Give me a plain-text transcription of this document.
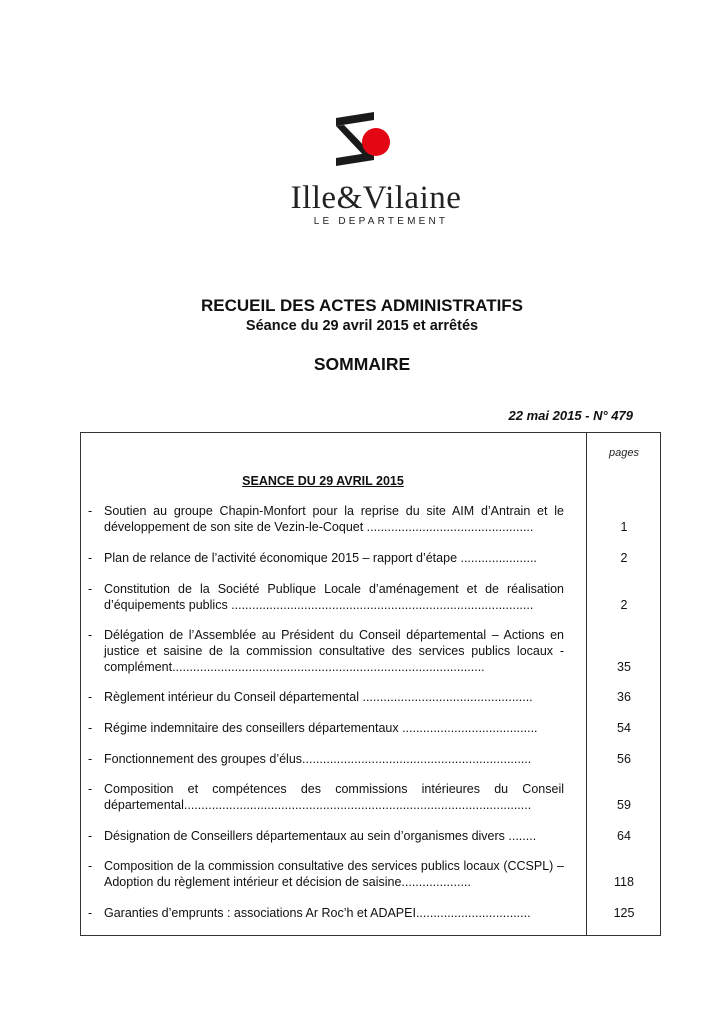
Ille&Vilaine
LE DEPARTEMENT
RECUEIL DES ACTES ADMINISTRATIFS
Séance du 29 avril 2015 et arrêtés
SOMMAIRE
22 mai 2015 - N° 479
pages
SEANCE DU 29 AVRIL 2015
- Soutien au groupe Chapin-Monfort pour la reprise du site AIM d’Antrain et le développement de son site de Vezin-le-Coquet ................................................	1
- Plan de relance de l’activité économique 2015 – rapport d’étape ......................	2
- Constitution de la Société Publique Locale d’aménagement et de réalisation d’équipements publics .......................................................................................	2
- Délégation de l’Assemblée au Président du Conseil départemental – Actions en justice et saisine de la commission consultative des services publics locaux - complément..........................................................................................	35
- Règlement intérieur du Conseil départemental .................................................	36
- Régime indemnitaire des conseillers départementaux .......................................	54
- Fonctionnement des groupes d’élus..................................................................	56
- Composition et compétences des commissions intérieures du Conseil départemental....................................................................................................	59
- Désignation de Conseillers départementaux au sein d’organismes divers ........	64
- Composition de la commission consultative des services publics locaux (CCSPL) – Adoption du règlement intérieur et décision de saisine....................	118
- Garanties d’emprunts : associations Ar Roc’h et ADAPEI.................................	125
